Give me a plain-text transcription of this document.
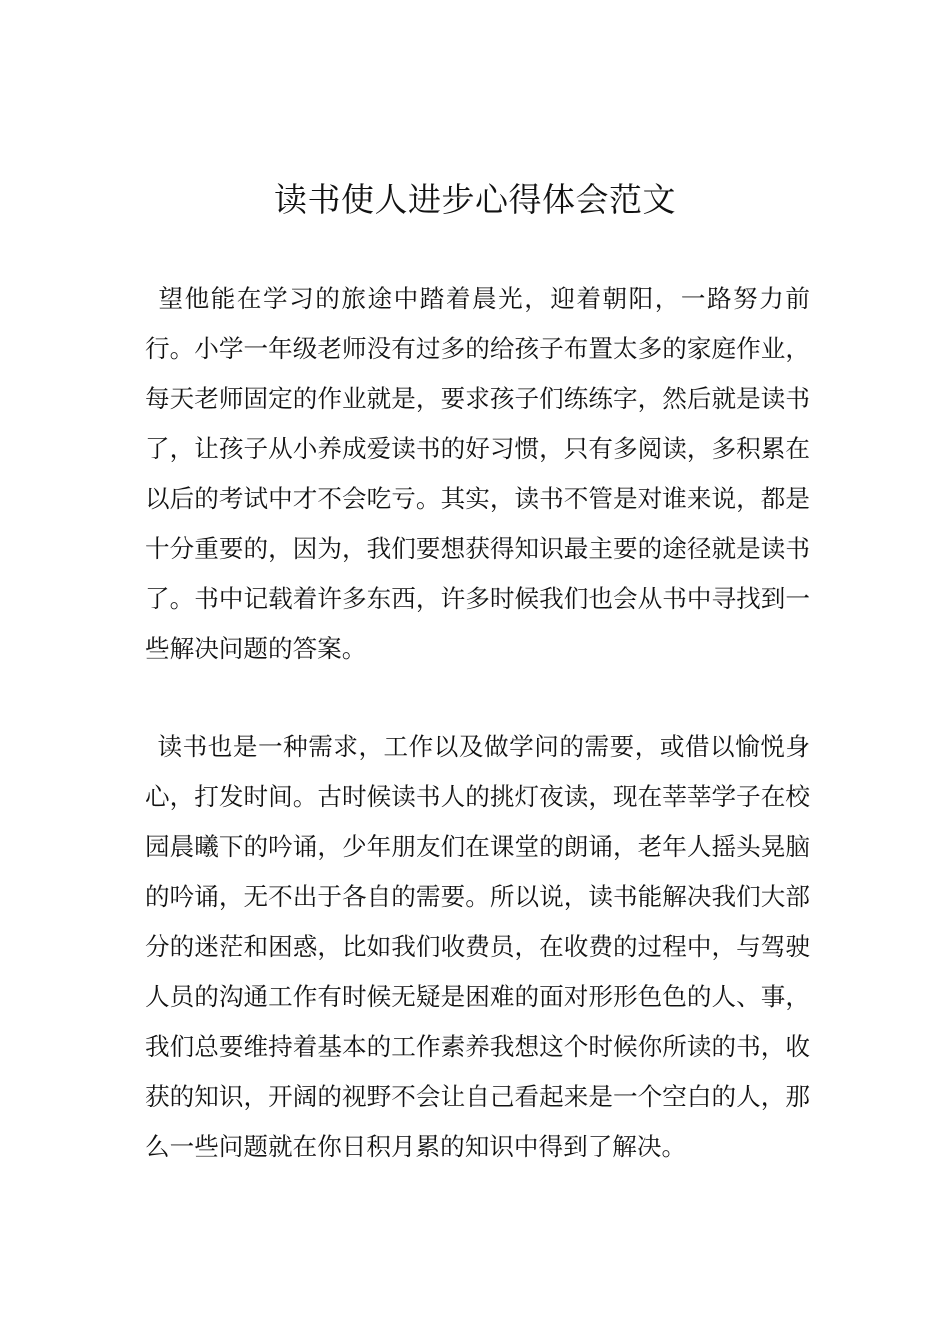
读书使人进步心得体会范文

望他能在学习的旅途中踏着晨光，迎着朝阳，一路努力前行。小学一年级老师没有过多的给孩子布置太多的家庭作业，每天老师固定的作业就是，要求孩子们练练字，然后就是读书了，让孩子从小养成爱读书的好习惯，只有多阅读，多积累在以后的考试中才不会吃亏。其实，读书不管是对谁来说，都是十分重要的，因为，我们要想获得知识最主要的途径就是读书了。书中记载着许多东西，许多时候我们也会从书中寻找到一些解决问题的答案。

读书也是一种需求，工作以及做学问的需要，或借以愉悦身心，打发时间。古时候读书人的挑灯夜读，现在莘莘学子在校园晨曦下的吟诵，少年朋友们在课堂的朗诵，老年人摇头晃脑的吟诵，无不出于各自的需要。所以说，读书能解决我们大部分的迷茫和困惑，比如我们收费员，在收费的过程中，与驾驶人员的沟通工作有时候无疑是困难的面对形形色色的人、事，我们总要维持着基本的工作素养我想这个时候你所读的书，收获的知识，开阔的视野不会让自己看起来是一个空白的人，那么一些问题就在你日积月累的知识中得到了解决。
